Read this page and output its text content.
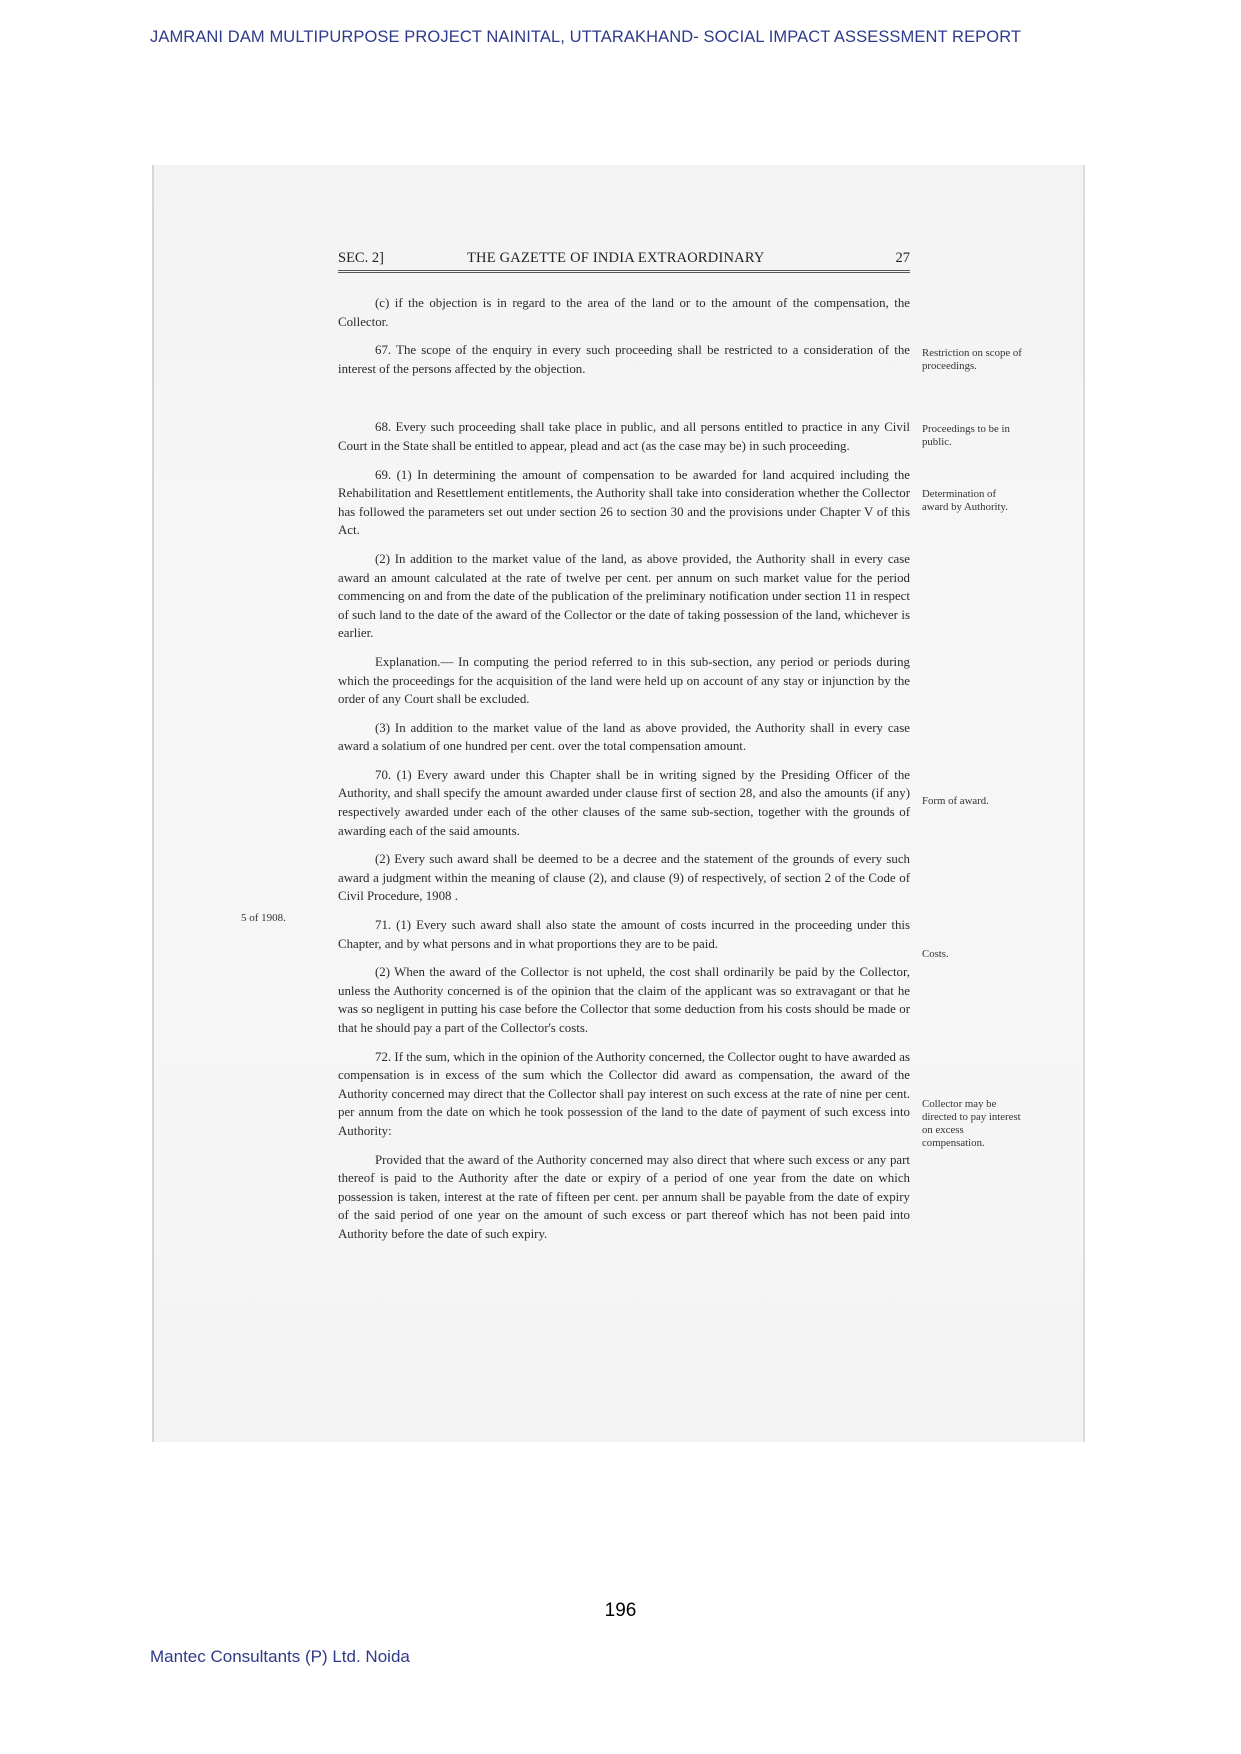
JAMRANI DAM MULTIPURPOSE PROJECT NAINITAL, UTTARAKHAND- SOCIAL IMPACT ASSESSMENT REPORT
SEC. 2]	THE GAZETTE OF INDIA EXTRAORDINARY	27

(c) if the objection is in regard to the area of the land or to the amount of the compensation, the Collector.

67. The scope of the enquiry in every such proceeding shall be restricted to a consideration of the interest of the persons affected by the objection.

68. Every such proceeding shall take place in public, and all persons entitled to practice in any Civil Court in the State shall be entitled to appear, plead and act (as the case may be) in such proceeding.

69. (1) In determining the amount of compensation to be awarded for land acquired including the Rehabilitation and Resettlement entitlements, the Authority shall take into consideration whether the Collector has followed the parameters set out under section 26 to section 30 and the provisions under Chapter V of this Act.

(2) In addition to the market value of the land, as above provided, the Authority shall in every case award an amount calculated at the rate of twelve per cent. per annum on such market value for the period commencing on and from the date of the publication of the preliminary notification under section 11 in respect of such land to the date of the award of the Collector or the date of taking possession of the land, whichever is earlier.

Explanation.— In computing the period referred to in this sub-section, any period or periods during which the proceedings for the acquisition of the land were held up on account of any stay or injunction by the order of any Court shall be excluded.

(3) In addition to the market value of the land as above provided, the Authority shall in every case award a solatium of one hundred per cent. over the total compensation amount.

70. (1) Every award under this Chapter shall be in writing signed by the Presiding Officer of the Authority, and shall specify the amount awarded under clause first of section 28, and also the amounts (if any) respectively awarded under each of the other clauses of the same sub-section, together with the grounds of awarding each of the said amounts.

(2) Every such award shall be deemed to be a decree and the statement of the grounds of every such award a judgment within the meaning of clause (2), and clause (9) of respectively, of section 2 of the Code of Civil Procedure, 1908 .

71. (1) Every such award shall also state the amount of costs incurred in the proceeding under this Chapter, and by what persons and in what proportions they are to be paid.

(2) When the award of the Collector is not upheld, the cost shall ordinarily be paid by the Collector, unless the Authority concerned is of the opinion that the claim of the applicant was so extravagant or that he was so negligent in putting his case before the Collector that some deduction from his costs should be made or that he should pay a part of the Collector's costs.

72. If the sum, which in the opinion of the Authority concerned, the Collector ought to have awarded as compensation is in excess of the sum which the Collector did award as compensation, the award of the Authority concerned may direct that the Collector shall pay interest on such excess at the rate of nine per cent. per annum from the date on which he took possession of the land to the date of payment of such excess into Authority:

Provided that the award of the Authority concerned may also direct that where such excess or any part thereof is paid to the Authority after the date or expiry of a period of one year from the date on which possession is taken, interest at the rate of fifteen per cent. per annum shall be payable from the date of expiry of the said period of one year on the amount of such excess or part thereof which has not been paid into Authority before the date of such expiry.

Restriction on scope of proceedings.
Proceedings to be in public.
Determination of award by Authority.
Form of award.
Costs.
Collector may be directed to pay interest on excess compensation.
5 of 1908.
196
Mantec Consultants (P) Ltd. Noida
